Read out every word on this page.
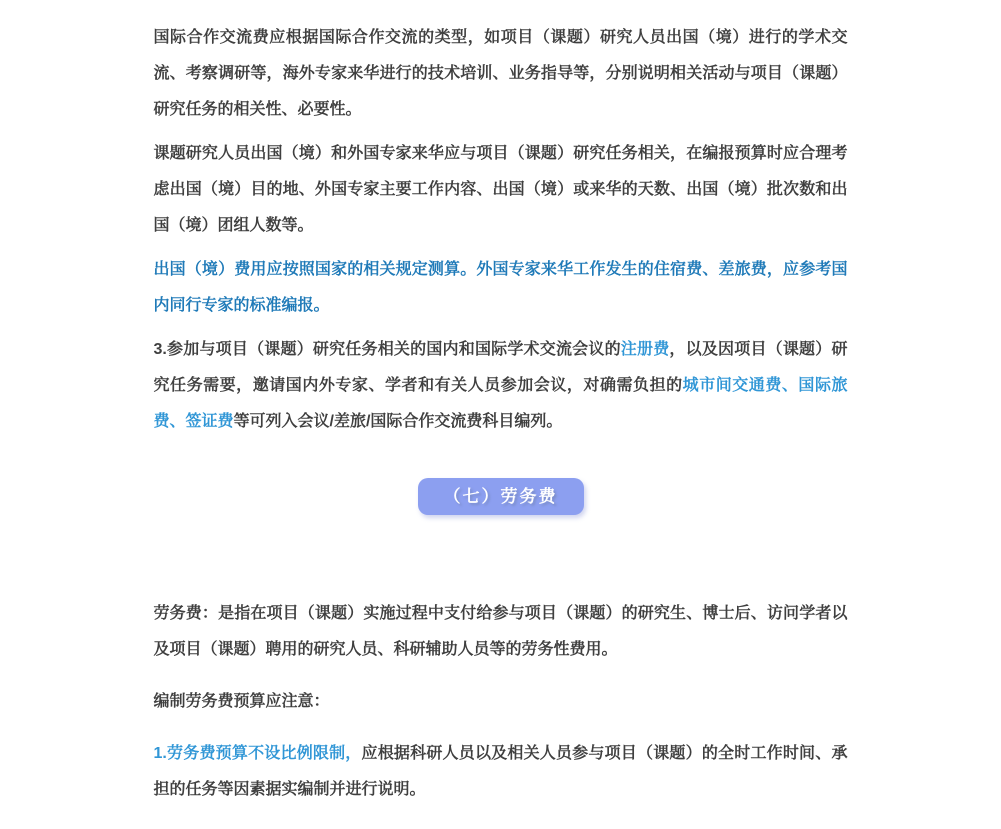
国际合作交流费应根据国际合作交流的类型，如项目（课题）研究人员出国（境）进行的学术交流、考察调研等，海外专家来华进行的技术培训、业务指导等，分别说明相关活动与项目（课题）研究任务的相关性、必要性。

课题研究人员出国（境）和外国专家来华应与项目（课题）研究任务相关，在编报预算时应合理考虑出国（境）目的地、外国专家主要工作内容、出国（境）或来华的天数、出国（境）批次数和出国（境）团组人数等。

出国（境）费用应按照国家的相关规定测算。外国专家来华工作发生的住宿费、差旅费，应参考国内同行专家的标准编报。

3.参加与项目（课题）研究任务相关的国内和国际学术交流会议的注册费，以及因项目（课题）研究任务需要，邀请国内外专家、学者和有关人员参加会议，对确需负担的城市间交通费、国际旅费、签证费等可列入会议/差旅/国际合作交流费科目编列。

（七）劳务费

劳务费：是指在项目（课题）实施过程中支付给参与项目（课题）的研究生、博士后、访问学者以及项目（课题）聘用的研究人员、科研辅助人员等的劳务性费用。

编制劳务费预算应注意：

1.劳务费预算不设比例限制，应根据科研人员以及相关人员参与项目（课题）的全时工作时间、承担的任务等因素据实编制并进行说明。
